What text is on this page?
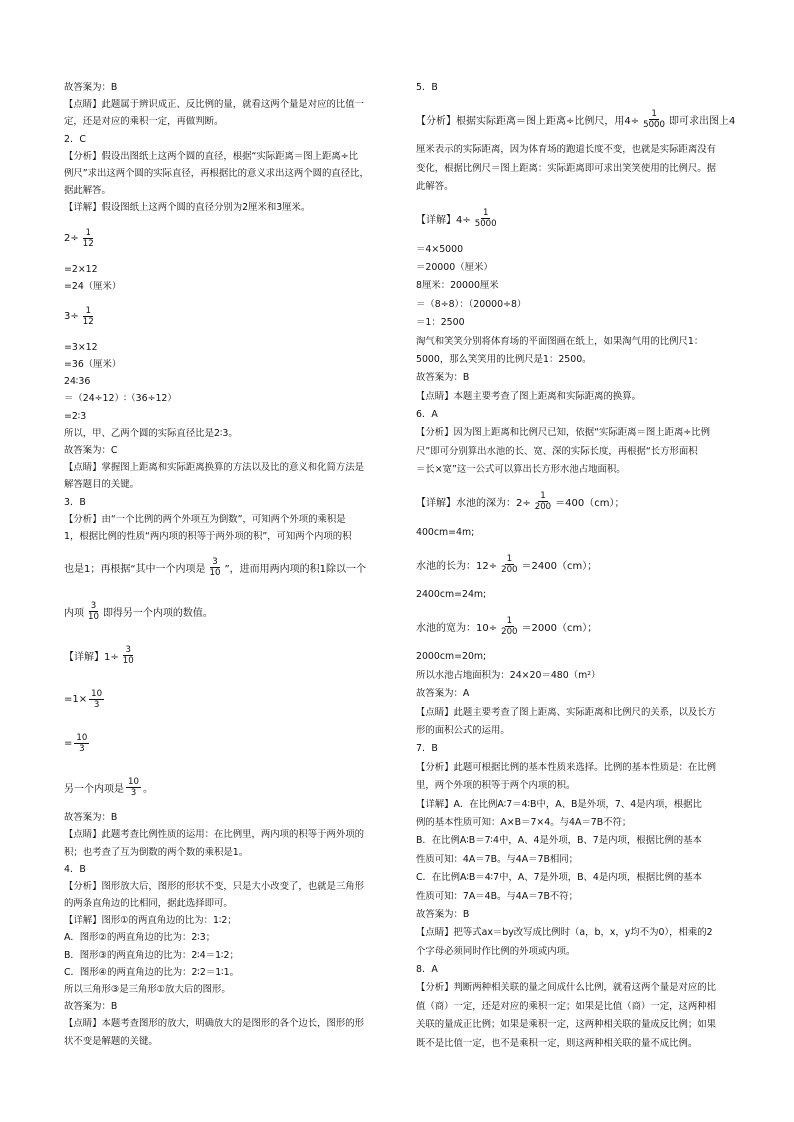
故答案为：B
【点睛】此题属于辨识成正、反比例的量，就看这两个量是对应的比值一
定，还是对应的乘积一定，再做判断。
2．C
【分析】假设出图纸上这两个圆的直径，根据“实际距离＝图上距离÷比
例尺”求出这两个圆的实际直径，再根据比的意义求出这两个圆的直径比，
据此解答。
【详解】假设图纸上这两个圆的直径分别为2厘米和3厘米。
$2\div \frac{1}{12}$
=2×12
=24（厘米）
$3\div \frac{1}{12}$
=3×12
=36（厘米）
24∶36
＝（24÷12）∶（36÷12）
=2∶3
所以，甲、乙两个圆的实际直径比是2∶3。
故答案为：C
【点睛】掌握图上距离和实际距离换算的方法以及比的意义和化简方法是
解答题目的关键。
3．B
【分析】由“一个比例的两个外项互为倒数”，可知两个外项的乘积是
1，根据比例的性质“两内项的积等于两外项的积”，可知两个内项的积
也是1；再根据“其中一个内项是 $\frac{3}{10}$ ”，进而用两内项的积1除以一个
内项 $\frac{3}{10}$ 即得另一个内项的数值。
【详解】$1\div \frac{3}{10}$
$=1\times \frac{10}{3}$
= $\frac{10}{3}$
另一个内项是 $\frac{10}{3}$ 。
故答案为：B
【点睛】此题考查比例性质的运用：在比例里，两内项的积等于两外项的
积；也考查了互为倒数的两个数的乘积是1。
4．B
【分析】图形放大后，图形的形状不变，只是大小改变了，也就是三角形
的两条直角边的比相同，据此选择即可。
【详解】图形①的两直角边的比为：1∶2；
A．图形②的两直角边的比为：2∶3；
B．图形③的两直角边的比为：2∶4＝1∶2；
C．图形④的两直角边的比为：2∶2＝1∶1。
所以三角形③是三角形①放大后的图形。
故答案为：B
【点睛】本题考查图形的放大，明确放大的是图形的各个边长，图形的形
状不变是解题的关键。
5．B
【分析】根据实际距离＝图上距离÷比例尺，用$4\div \frac{1}{5000}$ 即可求出图上4
厘米表示的实际距离，因为体育场的跑道长度不变，也就是实际距离没有
变化，根据比例尺＝图上距离：实际距离即可求出笑笑使用的比例尺。据
此解答。
【详解】$4\div \frac{1}{5000}$
＝4×5000
＝20000（厘米）
8厘米：20000厘米
＝（8÷8）：（20000÷8）
＝1：2500
淘气和笑笑分别将体育场的平面图画在纸上，如果淘气用的比例尺1：
5000，那么笑笑用的比例尺是1：2500。
故答案为：B
【点睛】本题主要考查了图上距离和实际距离的换算。
6．A
【分析】因为图上距离和比例尺已知，依据“实际距离＝图上距离÷比例
尺”即可分别算出水池的长、宽、深的实际长度，再根据“长方形面积
＝长×宽”这一公式可以算出长方形水池占地面积。
【详解】水池的深为：$2\div \frac{1}{200} =400(cm)$；
400cm=4m;
水池的长为：$12\div \frac{1}{200} =2400(cm)$；
2400cm=24m;
水池的宽为：$10\div \frac{1}{200} =2000(cm)$；
2000cm=20m;
所以水池占地面积为：24×20＝480（m²）
故答案为：A
【点睛】此题主要考查了图上距离、实际距离和比例尺的关系，以及长方
形的面积公式的运用。
7．B
【分析】此题可根据比例的基本性质来选择。比例的基本性质是：在比例
里，两个外项的积等于两个内项的积。
【详解】A．在比例A∶7＝4∶B中，A、B是外项，7、4是内项，根据比
例的基本性质可知：A×B＝7×4。与4A＝7B不符；
B．在比例A∶B＝7∶4中，A、4是外项，B、7是内项，根据比例的基本
性质可知：4A＝7B。与4A＝7B相同；
C．在比例A∶B＝4∶7中，A、7是外项，B、4是内项，根据比例的基本
性质可知：7A＝4B。与4A＝7B不符；
故答案为：B
【点睛】把等式ax＝by改写成比例时（a，b，x，y均不为0），相乘的2
个字母必须同时作比例的外项或内项。
8．A
【分析】判断两种相关联的量之间成什么比例，就看这两个量是对应的比
值（商）一定，还是对应的乘积一定；如果是比值（商）一定，这两种相
关联的量成正比例；如果是乘积一定，这两种相关联的量成反比例；如果
既不是比值一定，也不是乘积一定，则这两种相关联的量不成比例。
